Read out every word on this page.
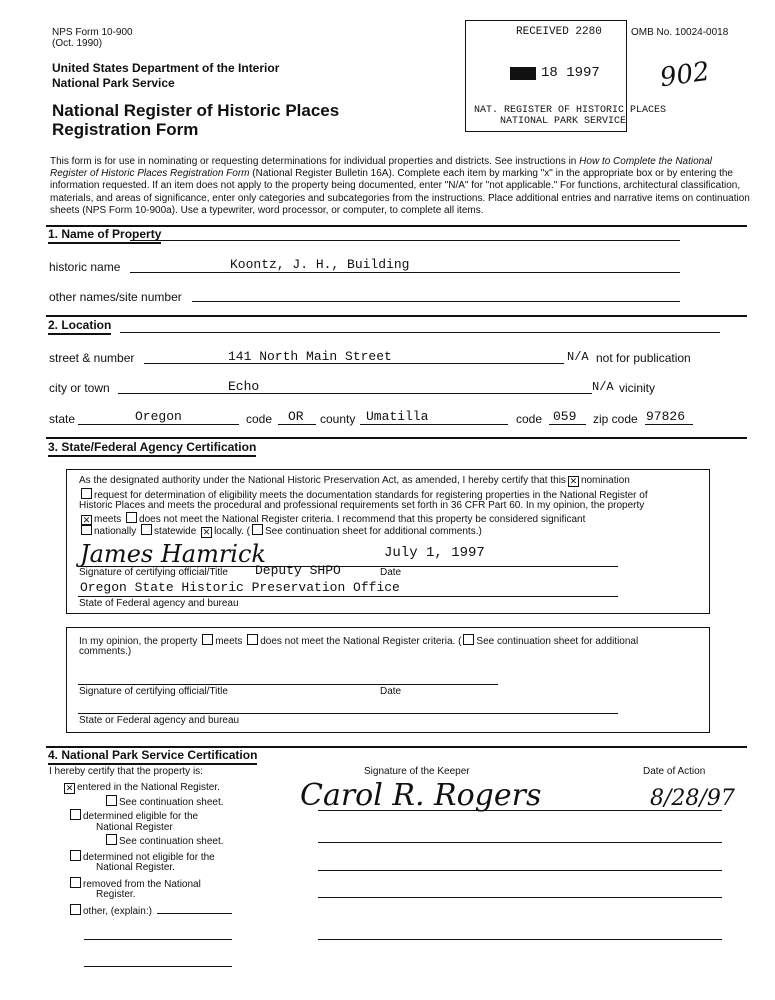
NPS Form 10-900
(Oct. 1990)
United States Department of the Interior
National Park Service
National Register of Historic Places
Registration Form
OMB No. 10024-0018
RECEIVED 2280
18 1997
NAT. REGISTER OF HISTORIC PLACES
NATIONAL PARK SERVICE
902
This form is for use in nominating or requesting determinations for individual properties and districts. See instructions in How to Complete the National Register of Historic Places Registration Form (National Register Bulletin 16A). Complete each item by marking "x" in the appropriate box or by entering the information requested. If an item does not apply to the property being documented, enter "N/A" for "not applicable." For functions, architectural classification, materials, and areas of significance, enter only categories and subcategories from the instructions. Place additional entries and narrative items on continuation sheets (NPS Form 10-900a). Use a typewriter, word processor, or computer, to complete all items.
1. Name of Property
historic name	Koontz, J. H., Building
other names/site number
2. Location
street & number	141 North Main Street	N/A not for publication
city or town	Echo	N/A vicinity
state	Oregon	code OR county Umatilla	code 059 zip code 97826
3. State/Federal Agency Certification
As the designated authority under the National Historic Preservation Act, as amended, I hereby certify that this ✕ nomination
request for determination of eligibility meets the documentation standards for registering properties in the National Register of
Historic Places and meets the procedural and professional requirements set forth in 36 CFR Part 60. In my opinion, the property
✕ meets does not meet the National Register criteria. I recommend that this property be considered significant
nationally statewide ✕ locally. ( See continuation sheet for additional comments.)
James Hamrick	July 1, 1997
Signature of certifying official/Title Deputy SHPO	Date
Oregon State Historic Preservation Office
State of Federal agency and bureau
In my opinion, the property meets does not meet the National Register criteria. ( See continuation sheet for additional
comments.)
Signature of certifying official/Title	Date
State or Federal agency and bureau
4. National Park Service Certification
I hereby certify that the property is:
✕ entered in the National Register.
See continuation sheet.
determined eligible for the
National Register
See continuation sheet.
determined not eligible for the
National Register.
removed from the National
Register.
other, (explain:)
Signature of the Keeper	Date of Action
Carol R. Rogers	8/28/97
